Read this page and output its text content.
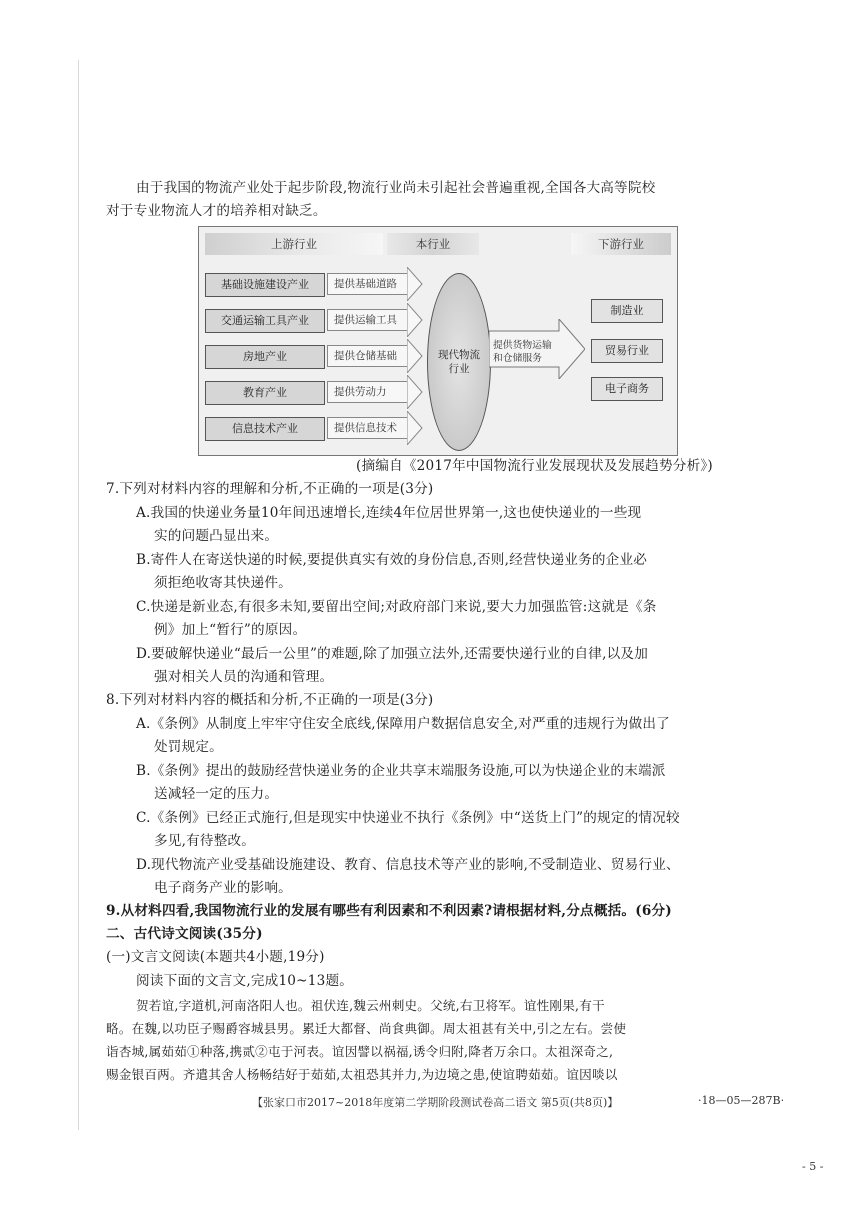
由于我国的物流产业处于起步阶段,物流行业尚未引起社会普遍重视,全国各大高等院校
对于专业物流人才的培养相对缺乏。
上游行业	本行业	下游行业
基础设施建设产业	提供基础道路
交通运输工具产业	提供运输工具
房地产业	提供仓储基础
教育产业	提供劳动力
信息技术产业	提供信息技术
现代物流
行业
提供货物运输
和仓储服务
制造业
贸易行业
电子商务
(摘编自《2017年中国物流行业发展现状及发展趋势分析》)
7.下列对材料内容的理解和分析,不正确的一项是(3分)
A.我国的快递业务量10年间迅速增长,连续4年位居世界第一,这也使快递业的一些现
实的问题凸显出来。
B.寄件人在寄送快递的时候,要提供真实有效的身份信息,否则,经营快递业务的企业必
须拒绝收寄其快递件。
C.快递是新业态,有很多未知,要留出空间;对政府部门来说,要大力加强监管:这就是《条
例》加上“暂行”的原因。
D.要破解快递业“最后一公里”的难题,除了加强立法外,还需要快递行业的自律,以及加
强对相关人员的沟通和管理。
8.下列对材料内容的概括和分析,不正确的一项是(3分)
A.《条例》从制度上牢牢守住安全底线,保障用户数据信息安全,对严重的违规行为做出了
处罚规定。
B.《条例》提出的鼓励经营快递业务的企业共享末端服务设施,可以为快递企业的末端派
送减轻一定的压力。
C.《条例》已经正式施行,但是现实中快递业不执行《条例》中“送货上门”的规定的情况较
多见,有待整改。
D.现代物流产业受基础设施建设、教育、信息技术等产业的影响,不受制造业、贸易行业、
电子商务产业的影响。
9.从材料四看,我国物流行业的发展有哪些有利因素和不利因素?请根据材料,分点概括。(6分)
二、古代诗文阅读(35分)
(一)文言文阅读(本题共4小题,19分)
阅读下面的文言文,完成10~13题。
贺若谊,字道机,河南洛阳人也。祖伏连,魏云州刺史。父统,右卫将军。谊性刚果,有干
略。在魏,以功臣子赐爵容城县男。累迁大都督、尚食典御。周太祖甚有关中,引之左右。尝使
诣杏城,属茹茹①种落,携贰②屯于河表。谊因譬以祸福,诱令归附,降者万余口。太祖深奇之,
赐金银百两。齐遣其舍人杨畅结好于茹茹,太祖恐其并力,为边境之患,使谊聘茹茹。谊因啖以
【张家口市2017~2018年度第二学期阶段测试卷高二语文 第5页(共8页)】	·18—05—287B·
- 5 -
